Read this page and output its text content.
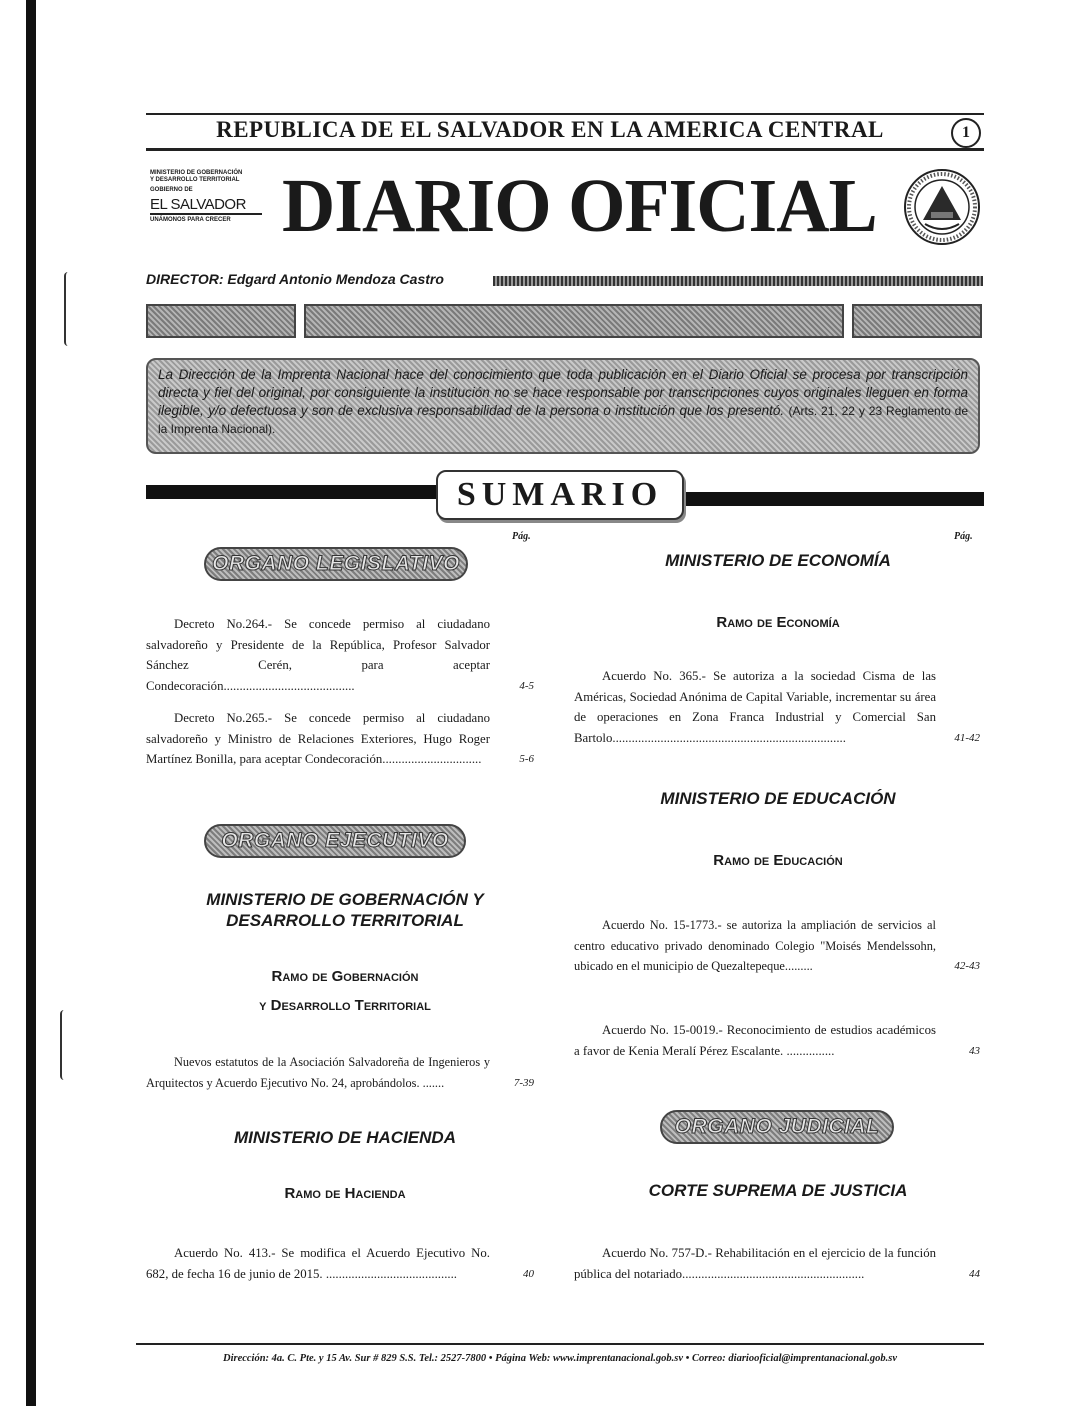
REPUBLICA DE EL SALVADOR EN LA AMERICA CENTRAL	1
MINISTERIO DE GOBERNACIÓN
Y DESARROLLO TERRITORIAL
GOBIERNO DE
EL SALVADOR
UNÁMONOS PARA CRECER DIARIO OFICIAL
DIRECTOR: Edgard Antonio Mendoza Castro
La Dirección de la Imprenta Nacional hace del conocimiento que toda publicación en el Diario Oficial se procesa por transcripción directa y fiel del original, por consiguiente la institución no se hace responsable por transcripciones cuyos originales lleguen en forma ilegible, y/o defectuosa y son de exclusiva responsabilidad de la persona o institución que los presentó. (Arts. 21, 22 y 23 Reglamento de la Imprenta Nacional).
SUMARIO
Pág.	Pág.
ORGANO LEGISLATIVO

Decreto No.264.- Se concede permiso al ciudadano salvadoreño y Presidente de la República, Profesor Salvador Sánchez Cerén, para aceptar Condecoración.........................................	4-5

Decreto No.265.- Se concede permiso al ciudadano salvadoreño y Ministro de Relaciones Exteriores, Hugo Roger Martínez Bonilla, para aceptar Condecoración...............................	5-6
ORGANO EJECUTIVO
MINISTERIO DE GOBERNACIÓN Y
DESARROLLO TERRITORIAL
Ramo de Gobernación
y Desarrollo Territorial

Nuevos estatutos de la Asociación Salvadoreña de Ingenieros y Arquitectos y Acuerdo Ejecutivo No. 24, aprobándolos. .......	7-39
MINISTERIO DE HACIENDA
Ramo de Hacienda

Acuerdo No. 413.- Se modifica el Acuerdo Ejecutivo No. 682, de fecha 16 de junio de 2015. .........................................	40
MINISTERIO DE ECONOMÍA
Ramo de Economía

Acuerdo No. 365.- Se autoriza a la sociedad Cisma de las Américas, Sociedad Anónima de Capital Variable, incrementar su área de operaciones en Zona Franca Industrial y Comercial San Bartolo.........................................................................	41-42
MINISTERIO DE EDUCACIÓN
Ramo de Educación

Acuerdo No. 15-1773.- se autoriza la ampliación de servicios al centro educativo privado denominado Colegio "Moisés Mendelssohn, ubicado en el municipio de Quezaltepeque.........	42-43

Acuerdo No. 15-0019.- Reconocimiento de estudios académicos a favor de Kenia Meralí Pérez Escalante. ...............	43
ORGANO JUDICIAL
CORTE SUPREMA DE JUSTICIA

Acuerdo No. 757-D.- Rehabilitación en el ejercicio de la función pública del notariado.........................................................	44
Dirección: 4a. C. Pte. y 15 Av. Sur # 829 S.S. Tel.: 2527-7800 • Página Web: www.imprentanacional.gob.sv • Correo: diariooficial@imprentanacional.gob.sv
